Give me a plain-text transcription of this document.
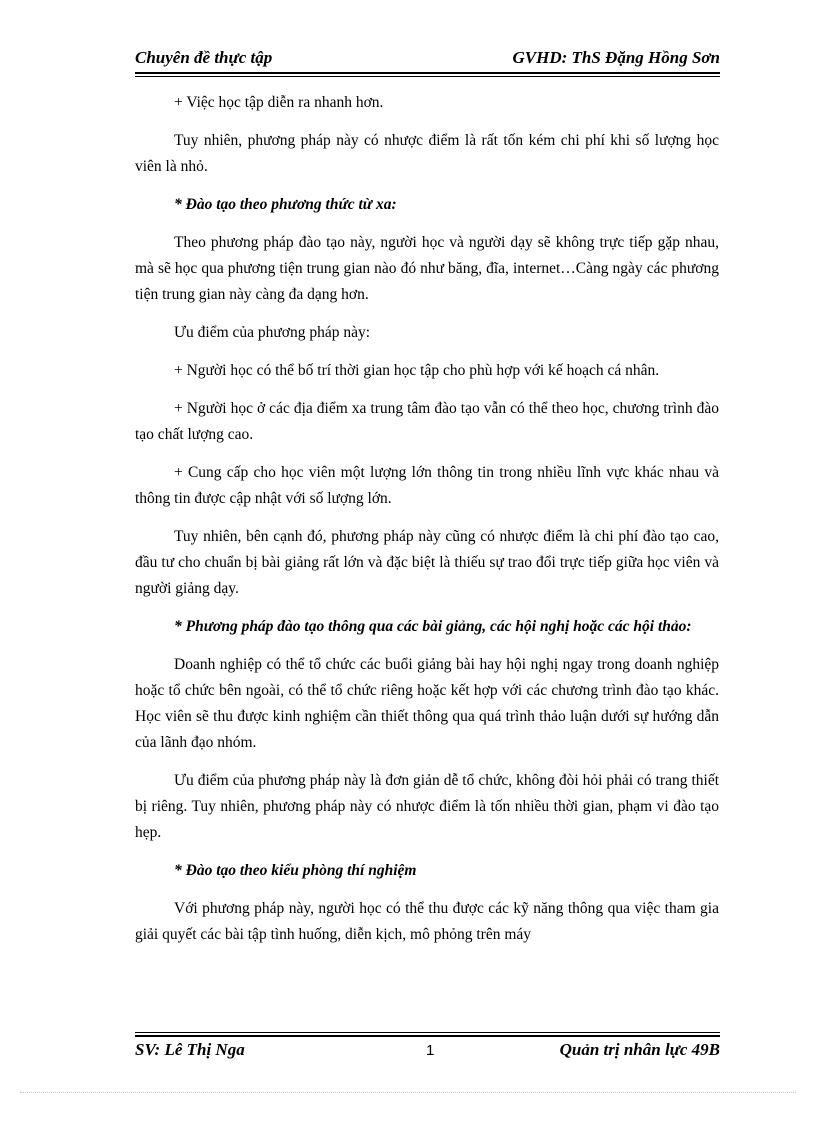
Chuyên đề thực tập	GVHD: ThS Đặng Hồng Sơn

+ Việc học tập diễn ra nhanh hơn.

Tuy nhiên, phương pháp này có nhược điểm là rất tốn kém chi phí khi số lượng học viên là nhỏ.

* Đào tạo theo phương thức từ xa:

Theo phương pháp đào tạo này, người học và người dạy sẽ không trực tiếp gặp nhau, mà sẽ học qua phương tiện trung gian nào đó như băng, đĩa, internet…Càng ngày các phương tiện trung gian này càng đa dạng hơn.

Ưu điểm của phương pháp này:

+ Người học có thể bố trí thời gian học tập cho phù hợp với kế hoạch cá nhân.

+ Người học ở các địa điểm xa trung tâm đào tạo vẫn có thể theo học, chương trình đào tạo chất lượng cao.

+ Cung cấp cho học viên một lượng lớn thông tin trong nhiều lĩnh vực khác nhau và thông tin được cập nhật với số lượng lớn.

Tuy nhiên, bên cạnh đó, phương pháp này cũng có nhược điểm là chi phí đào tạo cao, đầu tư cho chuẩn bị bài giảng rất lớn và đặc biệt là thiếu sự trao đổi trực tiếp giữa học viên và người giảng dạy.

* Phương pháp đào tạo thông qua các bài giảng, các hội nghị hoặc các hội thảo:

Doanh nghiệp có thể tổ chức các buổi giảng bài hay hội nghị ngay trong doanh nghiệp hoặc tổ chức bên ngoài, có thể tổ chức riêng hoặc kết hợp với các chương trình đào tạo khác. Học viên sẽ thu được kinh nghiệm cần thiết thông qua quá trình thảo luận dưới sự hướng dẫn của lãnh đạo nhóm.

Ưu điểm của phương pháp này là đơn giản dễ tổ chức, không đòi hỏi phải có trang thiết bị riêng. Tuy nhiên, phương pháp này có nhược điểm là tốn nhiều thời gian, phạm vi đào tạo hẹp.

* Đào tạo theo kiểu phòng thí nghiệm

Với phương pháp này, người học có thể thu được các kỹ năng thông qua việc tham gia giải quyết các bài tập tình huống, diễn kịch, mô phỏng trên máy

SV: Lê Thị Nga	1	Quản trị nhân lực 49B
